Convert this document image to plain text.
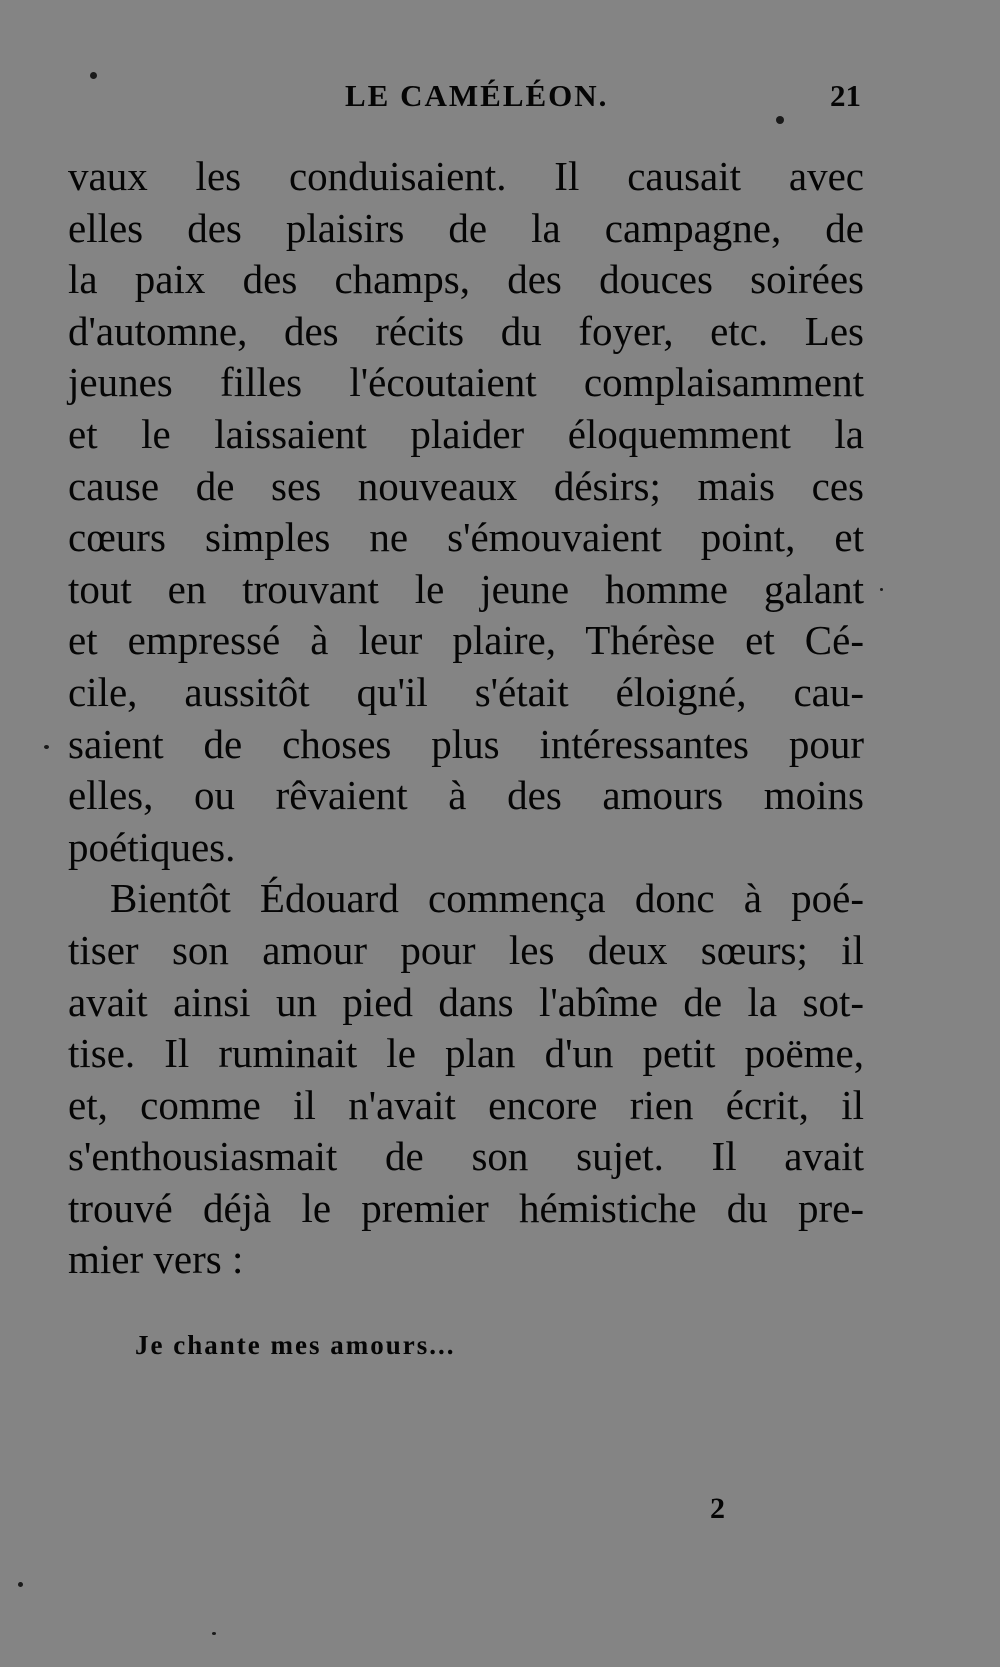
LE CAMÉLÉON.	21
vaux les conduisaient. Il causait avec
elles des plaisirs de la campagne, de
la paix des champs, des douces soirées
d'automne, des récits du foyer, etc. Les
jeunes filles l'écoutaient complaisamment
et le laissaient plaider éloquemment la
cause de ses nouveaux désirs; mais ces
cœurs simples ne s'émouvaient point, et
tout en trouvant le jeune homme galant
et empressé à leur plaire, Thérèse et Cé-
cile, aussitôt qu'il s'était éloigné, cau-
saient de choses plus intéressantes pour
elles, ou rêvaient à des amours moins
poétiques.
Bientôt Édouard commença donc à poé-
tiser son amour pour les deux sœurs; il
avait ainsi un pied dans l'abîme de la sot-
tise. Il ruminait le plan d'un petit poëme,
et, comme il n'avait encore rien écrit, il
s'enthousiasmait de son sujet. Il avait
trouvé déjà le premier hémistiche du pre-
mier vers :
Je chante mes amours...
2
